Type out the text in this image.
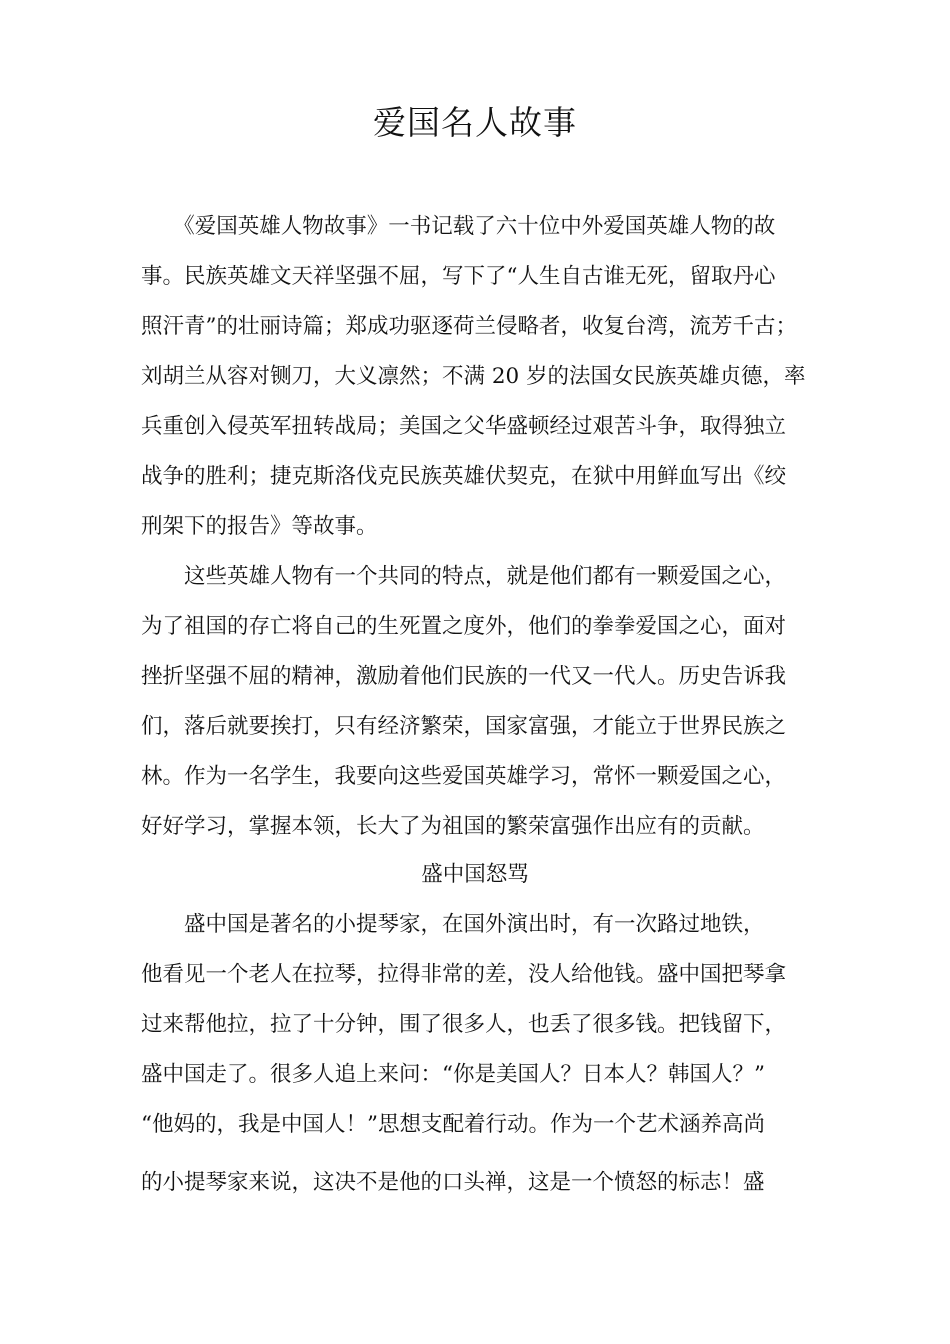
爱国名人故事

　　《爱国英雄人物故事》一书记载了六十位中外爱国英雄人物的故

事。民族英雄文天祥坚强不屈，写下了“人生自古谁无死，留取丹心

照汗青”的壮丽诗篇；郑成功驱逐荷兰侵略者，收复台湾，流芳千古；

刘胡兰从容对铡刀，大义凛然；不满 20 岁的法国女民族英雄贞德，率

兵重创入侵英军扭转战局；美国之父华盛顿经过艰苦斗争，取得独立

战争的胜利；捷克斯洛伐克民族英雄伏契克，在狱中用鲜血写出《绞

刑架下的报告》等故事。

　　这些英雄人物有一个共同的特点，就是他们都有一颗爱国之心，

为了祖国的存亡将自己的生死置之度外，他们的拳拳爱国之心，面对

挫折坚强不屈的精神，激励着他们民族的一代又一代人。历史告诉我

们，落后就要挨打，只有经济繁荣，国家富强，才能立于世界民族之

林。作为一名学生，我要向这些爱国英雄学习，常怀一颗爱国之心，

好好学习，掌握本领，长大了为祖国的繁荣富强作出应有的贡献。

盛中国怒骂

　　盛中国是著名的小提琴家，在国外演出时，有一次路过地铁，

他看见一个老人在拉琴，拉得非常的差，没人给他钱。盛中国把琴拿

过来帮他拉，拉了十分钟，围了很多人，也丢了很多钱。把钱留下，

盛中国走了。很多人追上来问：“你是美国人？日本人？韩国人？”

“他妈的，我是中国人！”思想支配着行动。作为一个艺术涵养高尚

的小提琴家来说，这决不是他的口头禅，这是一个愤怒的标志！盛
